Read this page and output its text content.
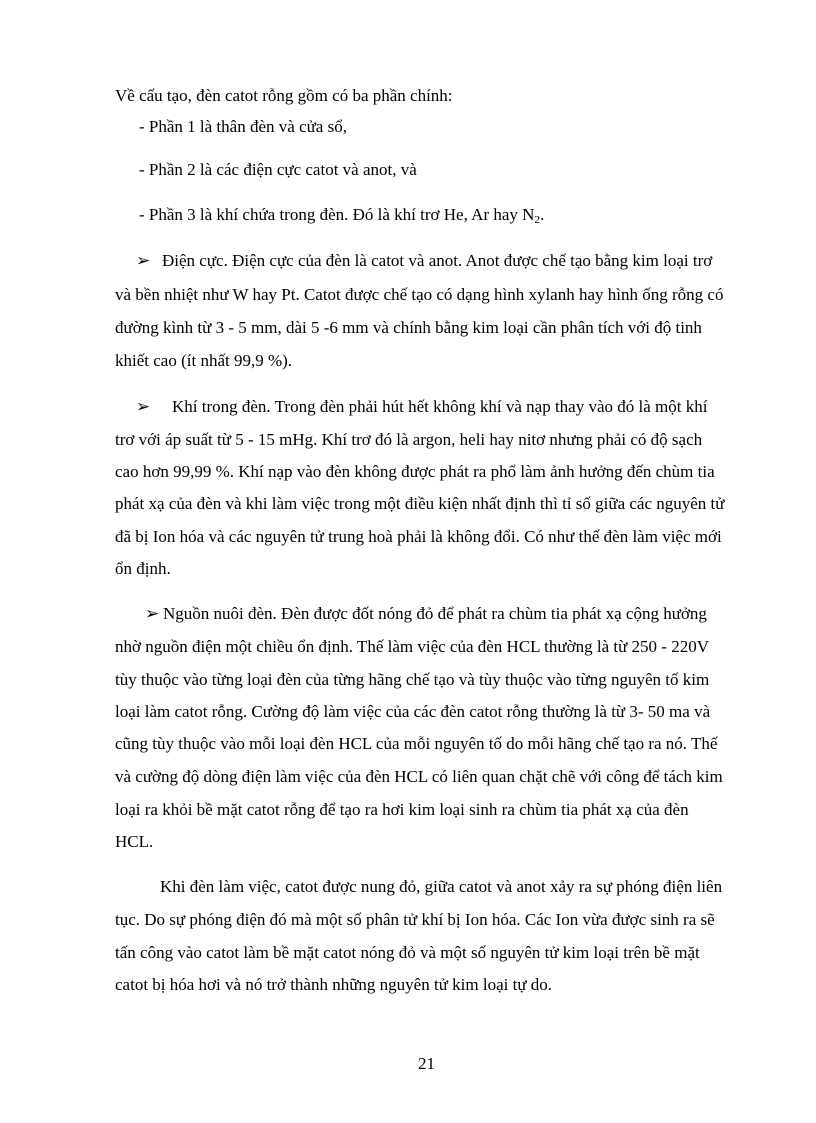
Về cấu tạo, đèn catot rỗng gồm có ba phần chính:
- Phần 1 là thân đèn và cửa sổ,
- Phần 2 là các điện cực catot và anot, và
- Phần 3 là khí chứa trong đèn. Đó là khí trơ He, Ar hay $N_2$.
➢ Điện cực. Điện cực của đèn là catot và anot. Anot được chế tạo bằng kim loại trơ
và bền nhiệt như W hay Pt. Catot được chế tạo có dạng hình xylanh hay hình ống rỗng có
đường kình từ 3 - 5 mm, dài 5 -6 mm và chính bằng kim loại cần phân tích với độ tinh
khiết cao (ít nhất 99,9 %).
➢ Khí trong đèn. Trong đèn phải hút hết không khí và nạp thay vào đó là một khí
trơ với áp suất từ 5 - 15 mHg. Khí trơ đó là argon, heli hay nitơ nhưng phải có độ sạch
cao hơn 99,99 %. Khí nạp vào đèn không được phát ra phổ làm ảnh hưởng đến chùm tia
phát xạ của đèn và khi làm việc trong một điều kiện nhất định thì tỉ số giữa các nguyên tử
đã bị Ion hóa và các nguyên tử trung hoà phải là không đổi. Có như thế đèn làm việc mới
ổn định.
➢ Nguồn nuôi đèn. Đèn được đốt nóng đỏ để phát ra chùm tia phát xạ cộng hưởng
nhờ nguồn điện một chiều ổn định. Thế làm việc của đèn HCL thường là từ 250 - 220V
tùy thuộc vào từng loại đèn của từng hãng chế tạo và tùy thuộc vào từng nguyên tố kim
loại làm catot rỗng. Cường độ làm việc của các đèn catot rỗng thường là từ 3- 50 ma và
cũng tùy thuộc vào mỗi loại đèn HCL của mỗi nguyên tố do mỗi hãng chế tạo ra nó. Thế
và cường độ dòng điện làm việc của đèn HCL có liên quan chặt chẽ với công để tách kim
loại ra khỏi bề mặt catot rỗng để tạo ra hơi kim loại sinh ra chùm tia phát xạ của đèn
HCL.
Khi đèn làm việc, catot được nung đỏ, giữa catot và anot xảy ra sự phóng điện liên
tục. Do sự phóng điện đó mà một số phân tử khí bị Ion hóa. Các Ion vừa được sinh ra sẽ
tấn công vào catot làm bề mặt catot nóng đỏ và một số nguyên tử kim loại trên bề mặt
catot bị hóa hơi và nó trở thành những nguyên tử kim loại tự do.
21
